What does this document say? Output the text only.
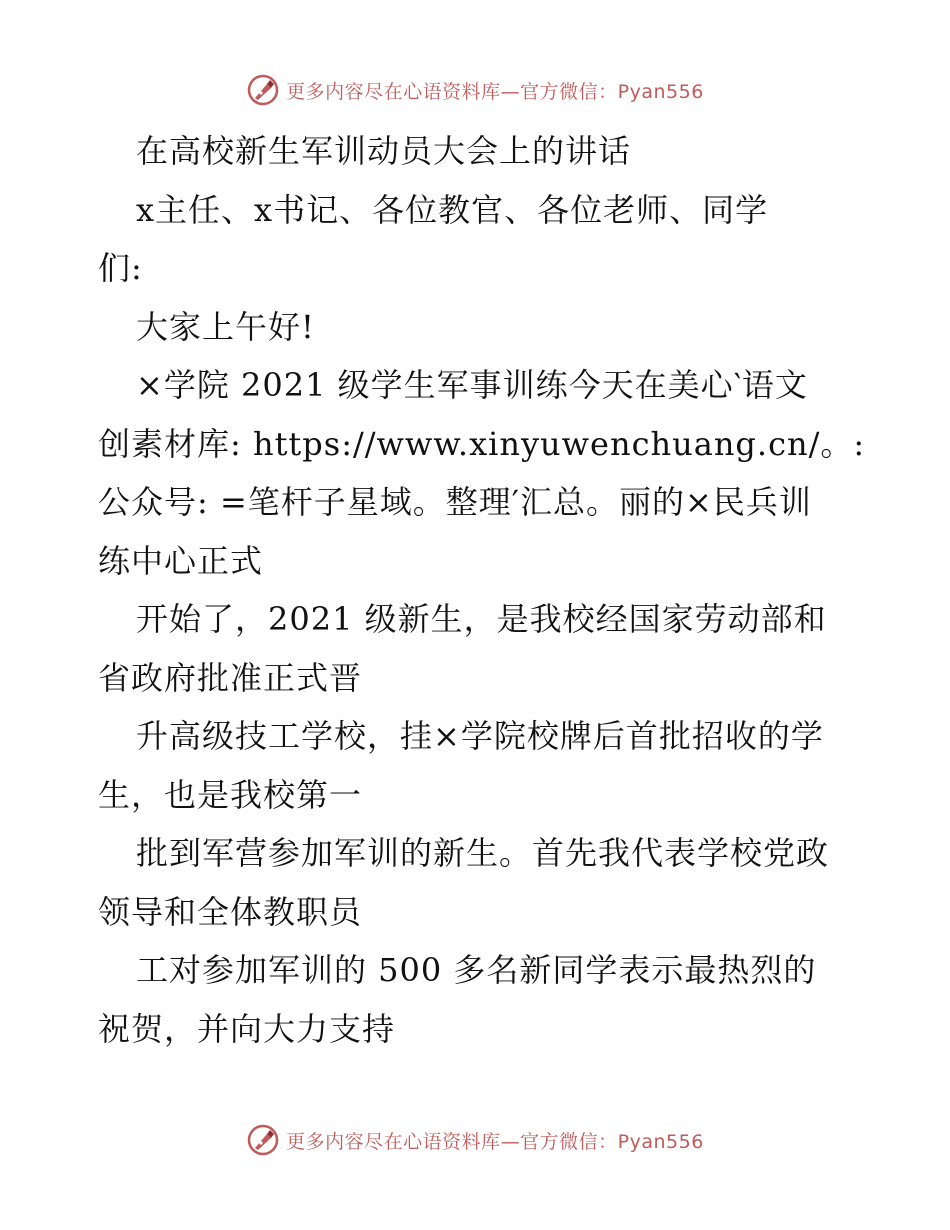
更多内容尽在心语资料库—官方微信：Pyan556
在高校新生军训动员大会上的讲话
x主任、x书记、各位教官、各位老师、同学
们:
大家上午好!
×学院 2021 级学生军事训练今天在美心‵语文
创素材库: https://www.xinyuwenchuang.cn/。:
公众号: =笔杆子星域。整理′汇总。丽的×民兵训
练中心正式
开始了，2021 级新生，是我校经国家劳动部和
省政府批准正式晋
升高级技工学校，挂×学院校牌后首批招收的学
生，也是我校第一
批到军营参加军训的新生。首先我代表学校党政
领导和全体教职员
工对参加军训的 500 多名新同学表示最热烈的
祝贺，并向大力支持
更多内容尽在心语资料库—官方微信：Pyan556
